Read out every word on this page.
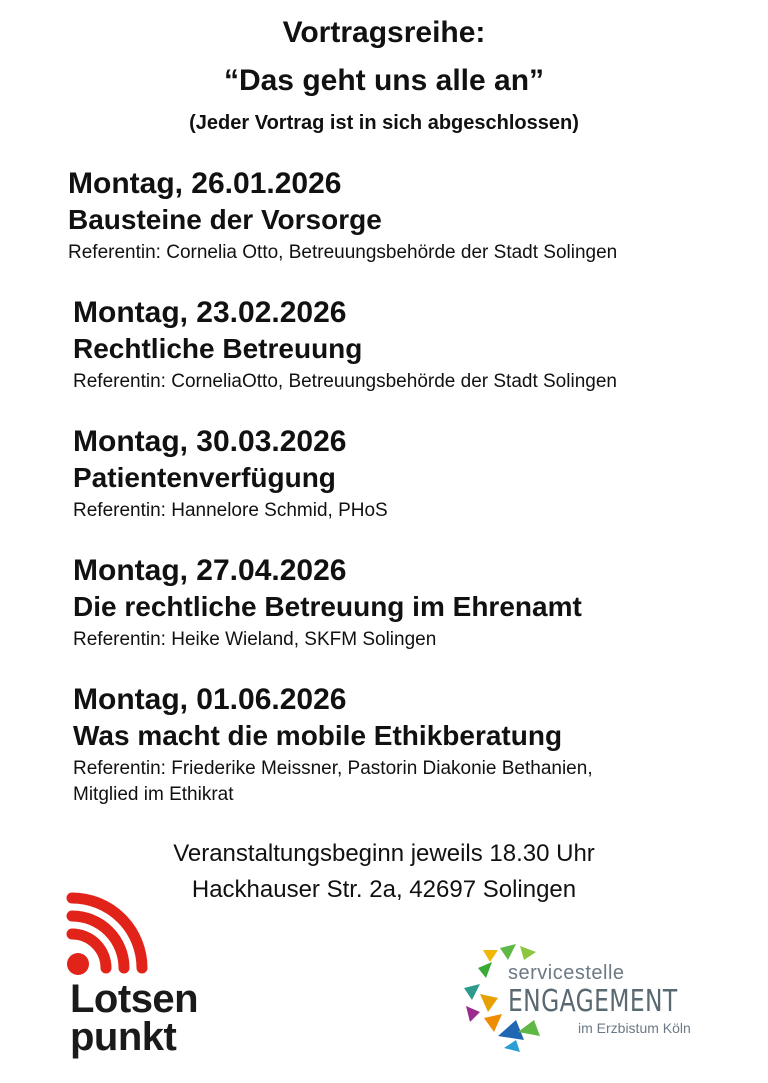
Vortragsreihe:
“Das geht uns alle an”
(Jeder Vortrag ist in sich abgeschlossen)
Montag, 26.01.2026
Bausteine der Vorsorge
Referentin: Cornelia Otto, Betreuungsbehörde der Stadt Solingen
Montag, 23.02.2026
Rechtliche Betreuung
Referentin: CorneliaOtto, Betreuungsbehörde der Stadt Solingen
Montag, 30.03.2026
Patientenverfügung
Referentin: Hannelore Schmid, PHoS
Montag, 27.04.2026
Die rechtliche Betreuung im Ehrenamt
Referentin: Heike Wieland, SKFM Solingen
Montag, 01.06.2026
Was macht die mobile Ethikberatung
Referentin: Friederike Meissner, Pastorin Diakonie Bethanien,
Mitglied im Ethikrat
Veranstaltungsbeginn jeweils 18.30 Uhr
Hackhauser Str. 2a, 42697 Solingen
Lotsen
punkt
servicestelle
ENGAGEMENT
im Erzbistum Köln
